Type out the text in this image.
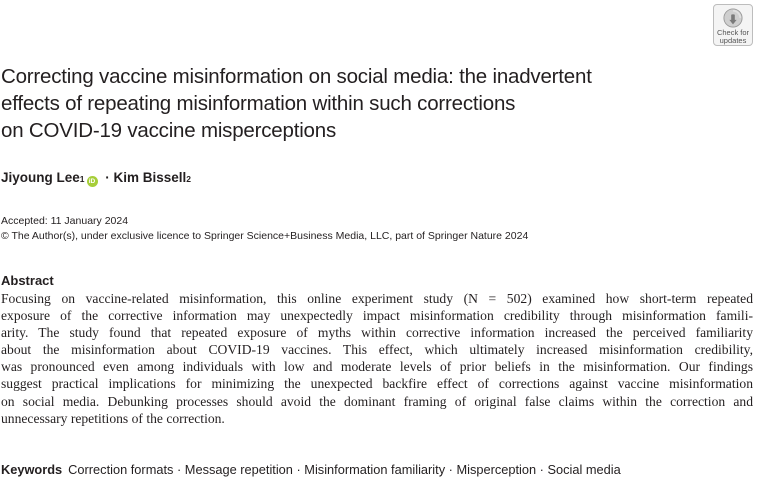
Check for
updates
Correcting vaccine misinformation on social media: the inadvertent
effects of repeating misinformation within such corrections
on COVID-19 vaccine misperceptions
Jiyoung Lee 1 iD · Kim Bissell 2
Accepted: 11 January 2024
© The Author(s), under exclusive licence to Springer Science+Business Media, LLC, part of Springer Nature 2024
Abstract
Focusing on vaccine-related misinformation, this online experiment study (N = 502) examined how short-term repeated
exposure of the corrective information may unexpectedly impact misinformation credibility through misinformation famili-
arity. The study found that repeated exposure of myths within corrective information increased the perceived familiarity
about the misinformation about COVID-19 vaccines. This effect, which ultimately increased misinformation credibility,
was pronounced even among individuals with low and moderate levels of prior beliefs in the misinformation. Our findings
suggest practical implications for minimizing the unexpected backfire effect of corrections against vaccine misinformation
on social media. Debunking processes should avoid the dominant framing of original false claims within the correction and
unnecessary repetitions of the correction.
Keywords Correction formats · Message repetition · Misinformation familiarity · Misperception · Social media
